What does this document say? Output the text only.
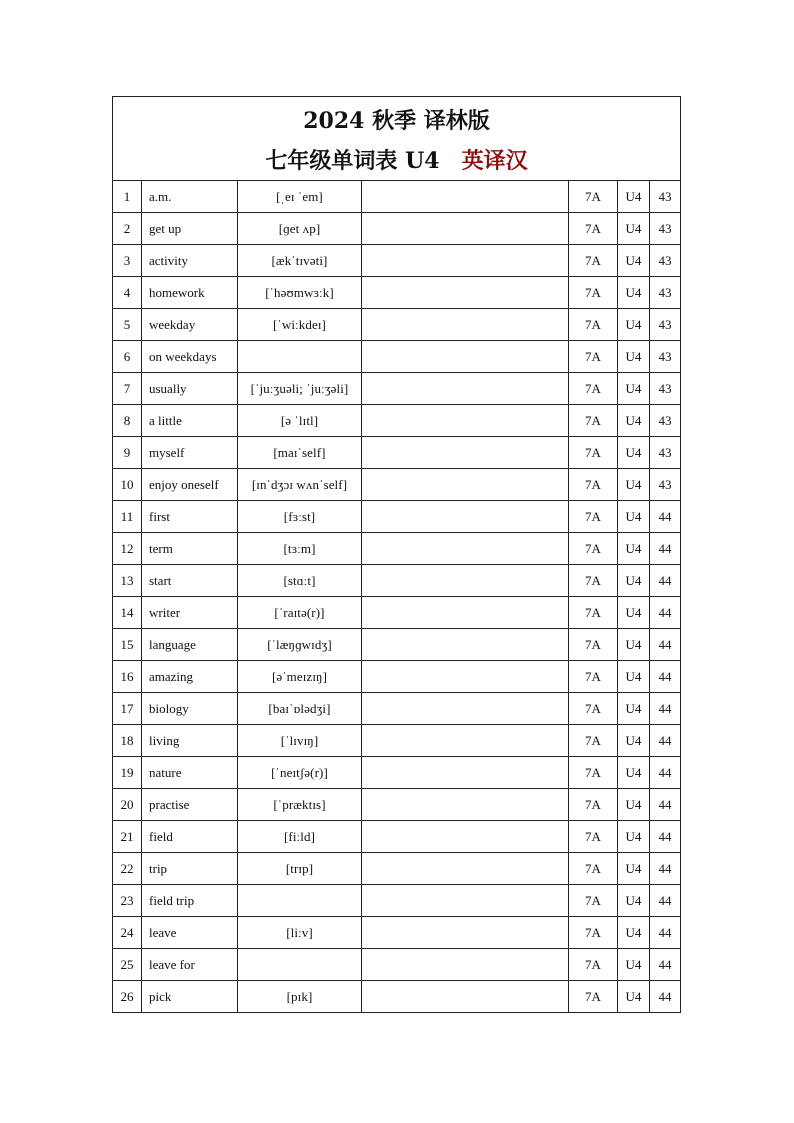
2024 秋季 译林版
七年级单词表 U4 英译汉						

1	a.m.	[ˌeɪ ˈem]		7A	U4	43
2	get up	[ɡet ʌp]		7A	U4	43
3	activity	[ækˈtɪvəti]		7A	U4	43
4	homework	[ˈhəʊmwɜːk]		7A	U4	43
5	weekday	[ˈwiːkdeɪ]		7A	U4	43
6	on weekdays			7A	U4	43
7	usually	[ˈjuːʒuəli; ˈjuːʒəli]		7A	U4	43
8	a little	[ə ˈlɪtl]		7A	U4	43
9	myself	[maɪˈself]		7A	U4	43
10	enjoy oneself	[ɪnˈdʒɔɪ wʌnˈself]		7A	U4	43
11	first	[fɜːst]		7A	U4	44
12	term	[tɜːm]		7A	U4	44
13	start	[stɑːt]		7A	U4	44
14	writer	[ˈraɪtə(r)]		7A	U4	44
15	language	[ˈlæŋɡwɪdʒ]		7A	U4	44
16	amazing	[əˈmeɪzɪŋ]		7A	U4	44
17	biology	[baɪˈɒlədʒi]		7A	U4	44
18	living	[ˈlɪvɪŋ]		7A	U4	44
19	nature	[ˈneɪtʃə(r)]		7A	U4	44
20	practise	[ˈpræktɪs]		7A	U4	44
21	field	[fiːld]		7A	U4	44
22	trip	[trɪp]		7A	U4	44
23	field trip			7A	U4	44
24	leave	[liːv]		7A	U4	44
25	leave for			7A	U4	44
26	pick	[pɪk]		7A	U4	44
